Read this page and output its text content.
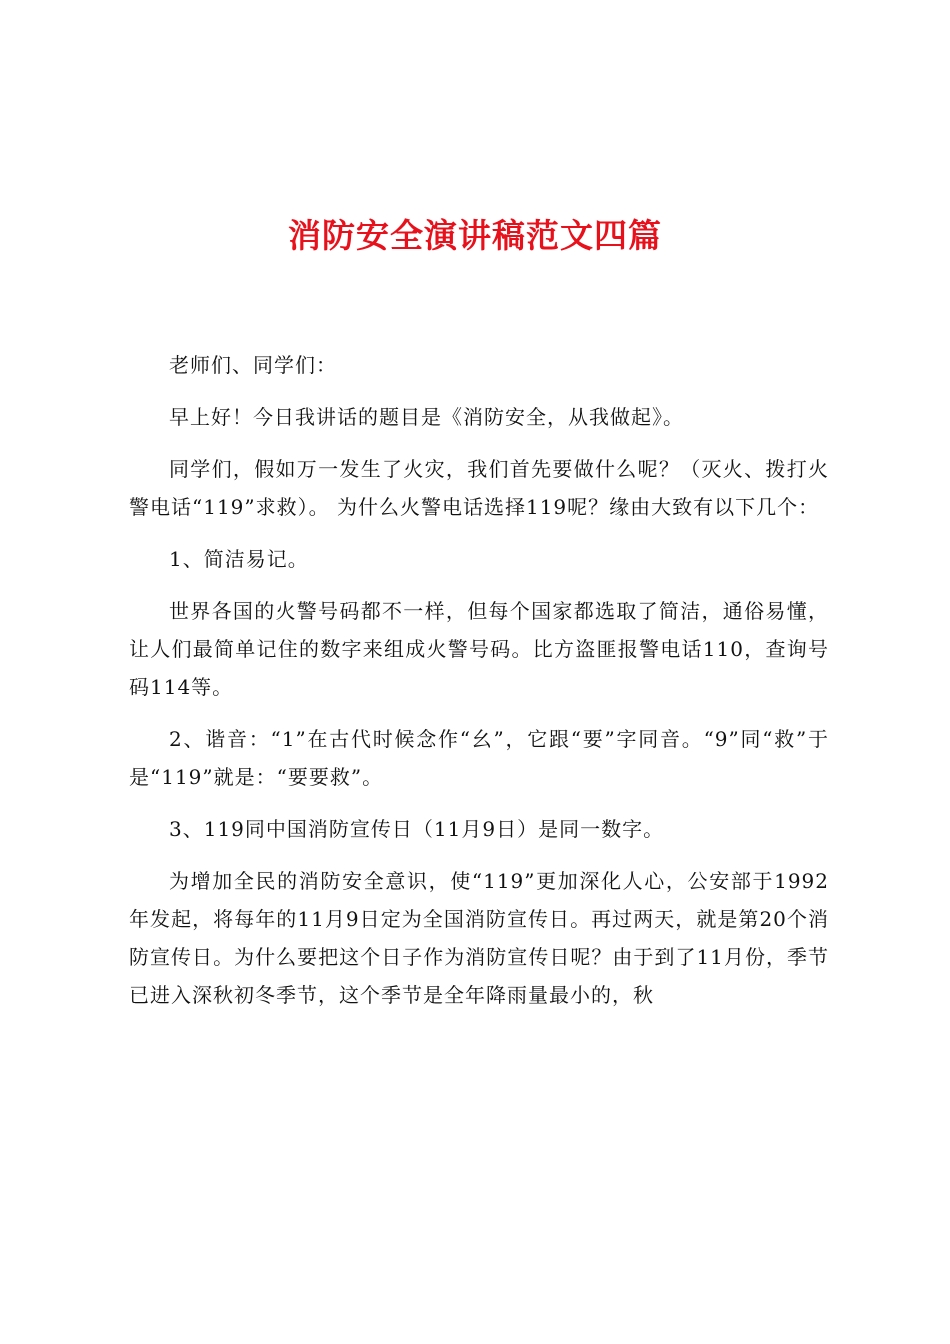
消防安全演讲稿范文四篇

老师们、同学们：

早上好！今日我讲话的题目是《消防安全，从我做起》。

同学们，假如万一发生了火灾，我们首先要做什么呢？（灭火、拨打火警电话“119”求救）。 为什么火警电话选择119呢？缘由大致有以下几个：

1、简洁易记。

世界各国的火警号码都不一样，但每个国家都选取了简洁，通俗易懂，让人们最简单记住的数字来组成火警号码。比方盗匪报警电话110，查询号码114等。

2、谐音：“1”在古代时候念作“幺”，它跟“要”字同音。“9”同“救”于是“119”就是：“要要救”。

3、119同中国消防宣传日（11月9日）是同一数字。

为增加全民的消防安全意识，使“119”更加深化人心，公安部于1992年发起，将每年的11月9日定为全国消防宣传日。再过两天，就是第20个消防宣传日。为什么要把这个日子作为消防宣传日呢？由于到了11月份，季节已进入深秋初冬季节，这个季节是全年降雨量最小的，秋
